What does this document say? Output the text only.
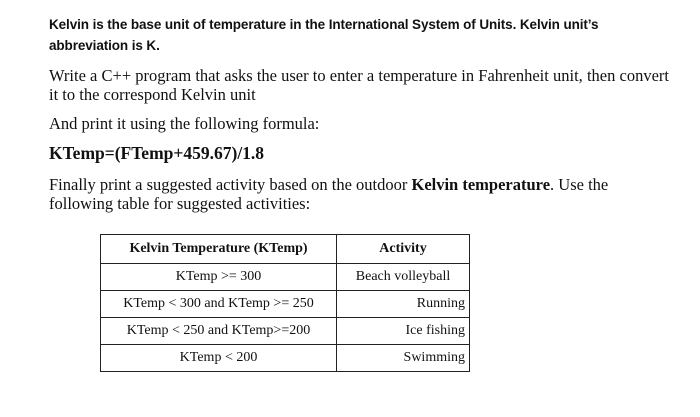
Kelvin is the base unit of temperature in the International System of Units. Kelvin unit’s abbreviation is K.

Write a C++ program that asks the user to enter a temperature in Fahrenheit unit, then convert it to the correspond Kelvin unit

And print it using the following formula:

KTemp=(FTemp+459.67)/1.8

Finally print a suggested activity based on the outdoor Kelvin temperature. Use the following table for suggested activities:

Kelvin Temperature (KTemp)	Activity
KTemp >= 300	Beach volleyball
KTemp < 300 and KTemp >= 250	Running
KTemp < 250 and KTemp>=200	Ice fishing
KTemp < 200	Swimming
